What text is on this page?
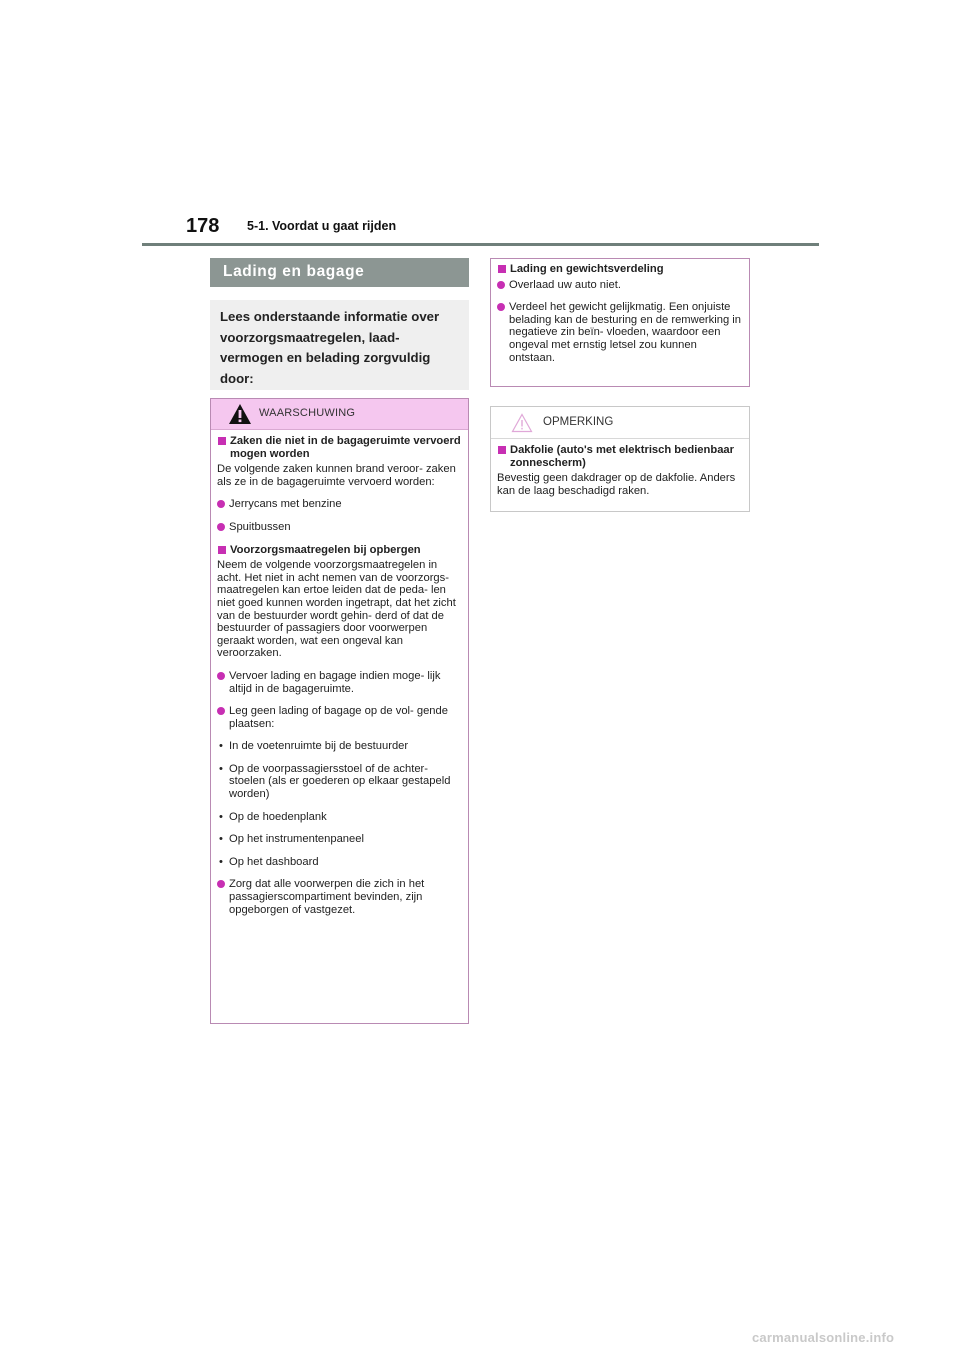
178 5-1. Voordat u gaat rijden
Lading en bagage
Lees onderstaande informatie over voorzorgsmaatregelen, laad- vermogen en belading zorgvuldig door:
WAARSCHUWING
Zaken die niet in de bagageruimte vervoerd mogen worden
De volgende zaken kunnen brand veroor- zaken als ze in de bagageruimte vervoerd worden:
Jerrycans met benzine
Spuitbussen
Voorzorgsmaatregelen bij opbergen
Neem de volgende voorzorgsmaatregelen in acht. Het niet in acht nemen van de voorzorgs- maatregelen kan ertoe leiden dat de peda- len niet goed kunnen worden ingetrapt, dat het zicht van de bestuurder wordt gehin- derd of dat de bestuurder of passagiers door voorwerpen geraakt worden, wat een ongeval kan veroorzaken.
Vervoer lading en bagage indien moge- lijk altijd in de bagageruimte.
Leg geen lading of bagage op de vol- gende plaatsen:
• In de voetenruimte bij de bestuurder
• Op de voorpassagiersstoel of de achter- stoelen (als er goederen op elkaar gestapeld worden)
• Op de hoedenplank
• Op het instrumentenpaneel
• Op het dashboard
Zorg dat alle voorwerpen die zich in het passagierscompartiment bevinden, zijn opgeborgen of vastgezet.
Lading en gewichtsverdeling
Overlaad uw auto niet.
Verdeel het gewicht gelijkmatig. Een onjuiste belading kan de besturing en de remwerking in negatieve zin beïn- vloeden, waardoor een ongeval met ernstig letsel zou kunnen ontstaan.
OPMERKING
Dakfolie (auto's met elektrisch bedienbaar zonnescherm)
Bevestig geen dakdrager op de dakfolie. Anders kan de laag beschadigd raken.
carmanualsonline.info
